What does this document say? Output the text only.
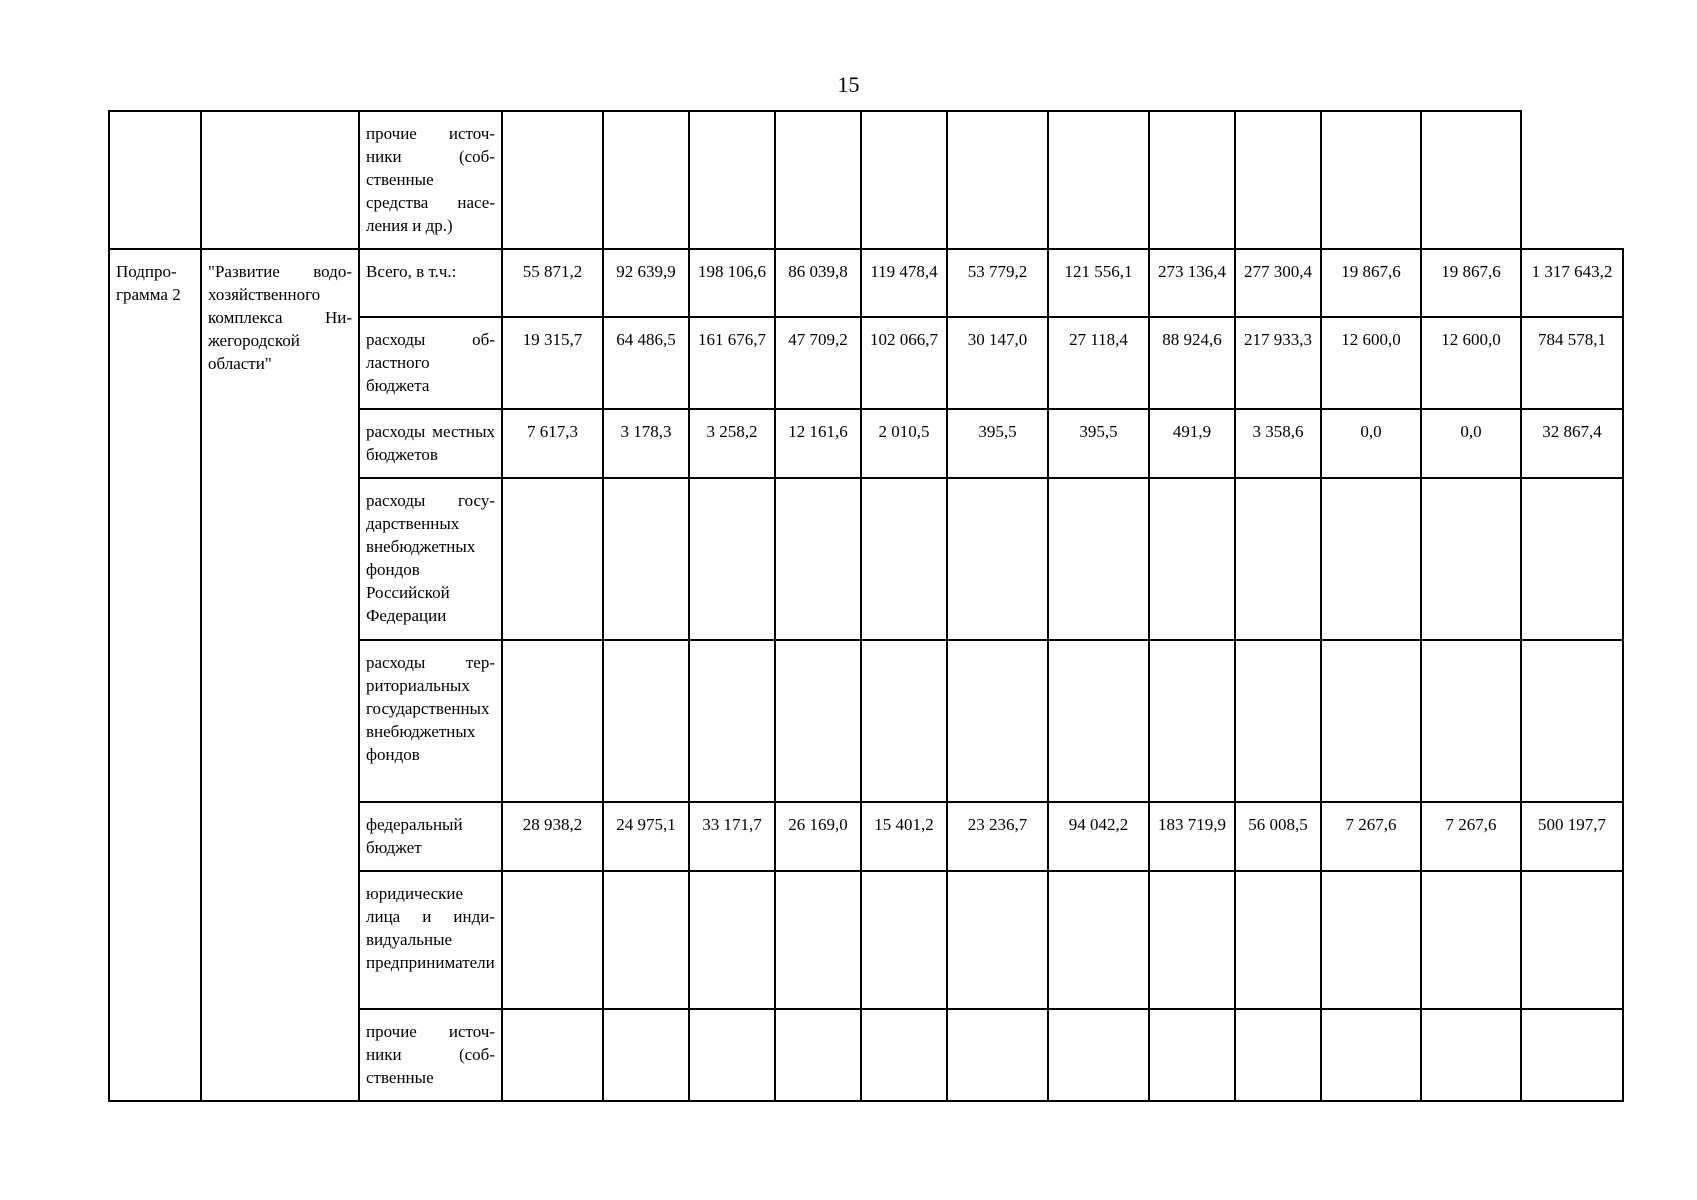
15
		прочие источники (собственные средства населения и др.)												
Подпрограмма 2	"Развитие водохозяйственного комплекса Нижегородской области"	Всего, в т.ч.:	55 871,2	92 639,9	198 106,6	86 039,8	119 478,4	53 779,2	121 556,1	273 136,4	277 300,4	19 867,6	19 867,6	1 317 643,2
		расходы областного бюджета	19 315,7	64 486,5	161 676,7	47 709,2	102 066,7	30 147,0	27 118,4	88 924,6	217 933,3	12 600,0	12 600,0	784 578,1
		расходы местных бюджетов	7 617,3	3 178,3	3 258,2	12 161,6	2 010,5	395,5	395,5	491,9	3 358,6	0,0	0,0	32 867,4
		расходы государственных внебюджетных фондов Российской Федерации												
		расходы территориальных государственных внебюджетных фондов												
		федеральный бюджет	28 938,2	24 975,1	33 171,7	26 169,0	15 401,2	23 236,7	94 042,2	183 719,9	56 008,5	7 267,6	7 267,6	500 197,7
		юридические лица и индивидуальные предприниматели												
		прочие источники (собственные												
